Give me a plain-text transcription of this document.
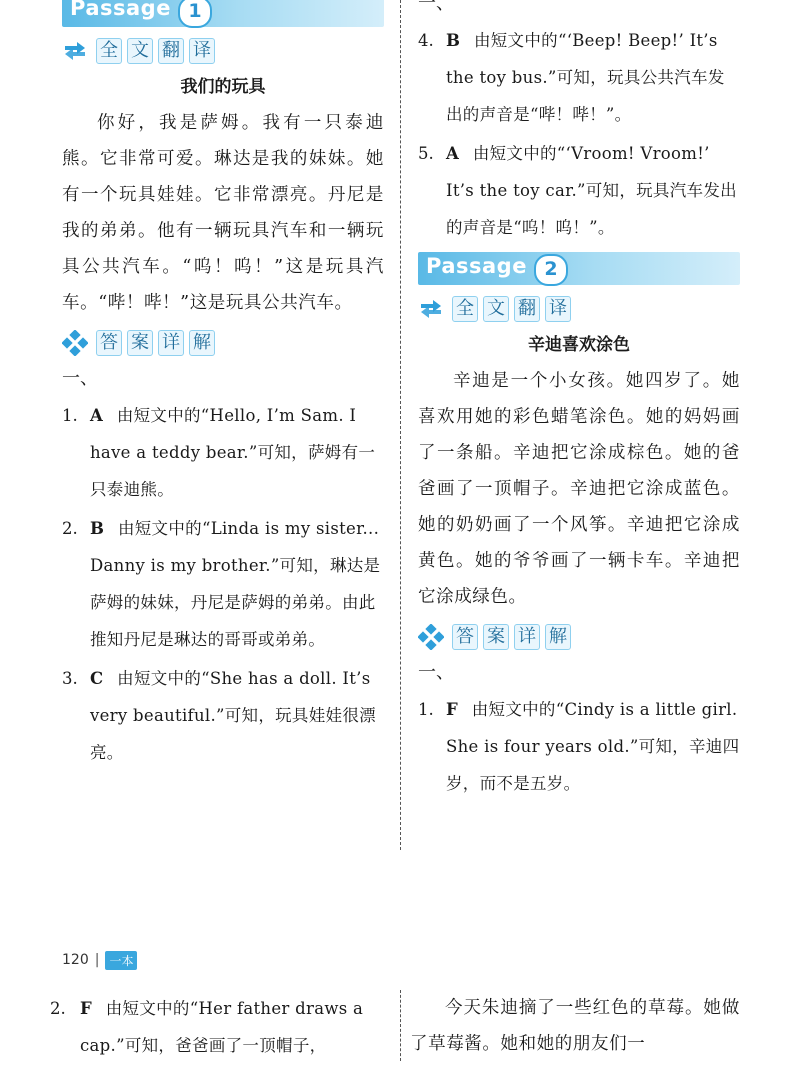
Passage 1
全 文 翻 译
我们的玩具

你好，我是萨姆。我有一只泰迪熊。它非常可爱。琳达是我的妹妹。她有一个玩具娃娃。它非常漂亮。丹尼是我的弟弟。他有一辆玩具汽车和一辆玩具公共汽车。“呜！呜！”这是玩具汽车。“哔！哔！”这是玩具公共汽车。

答 案 详 解
一、
1. A 由短文中的“Hello, I’m Sam. I have a teddy bear.”可知，萨姆有一只泰迪熊。
2. B 由短文中的“Linda is my sister... Danny is my brother.”可知，琳达是萨姆的妹妹，丹尼是萨姆的弟弟。由此推知丹尼是琳达的哥哥或弟弟。
3. C 由短文中的“She has a doll. It’s very beautiful.”可知，玩具娃娃很漂亮。
一、
4. B 由短文中的“‘Beep! Beep!’ It’s the toy bus.”可知，玩具公共汽车发出的声音是“哔！哔！”。
5. A 由短文中的“‘Vroom! Vroom!’ It’s the toy car.”可知，玩具汽车发出的声音是“呜！呜！”。
Passage 2
全 文 翻 译
辛迪喜欢涂色

辛迪是一个小女孩。她四岁了。她喜欢用她的彩色蜡笔涂色。她的妈妈画了一条船。辛迪把它涂成棕色。她的爸爸画了一顶帽子。辛迪把它涂成蓝色。她的奶奶画了一个风筝。辛迪把它涂成黄色。她的爷爷画了一辆卡车。辛迪把它涂成绿色。

答 案 详 解
一、
1. F 由短文中的“Cindy is a little girl. She is four years old.”可知，辛迪四岁，而不是五岁。
120 | 一本
2. F 由短文中的“Her father draws a cap.”可知，爸爸画了一顶帽子，

今天朱迪摘了一些红色的草莓。她做了草莓酱。她和她的朋友们一
